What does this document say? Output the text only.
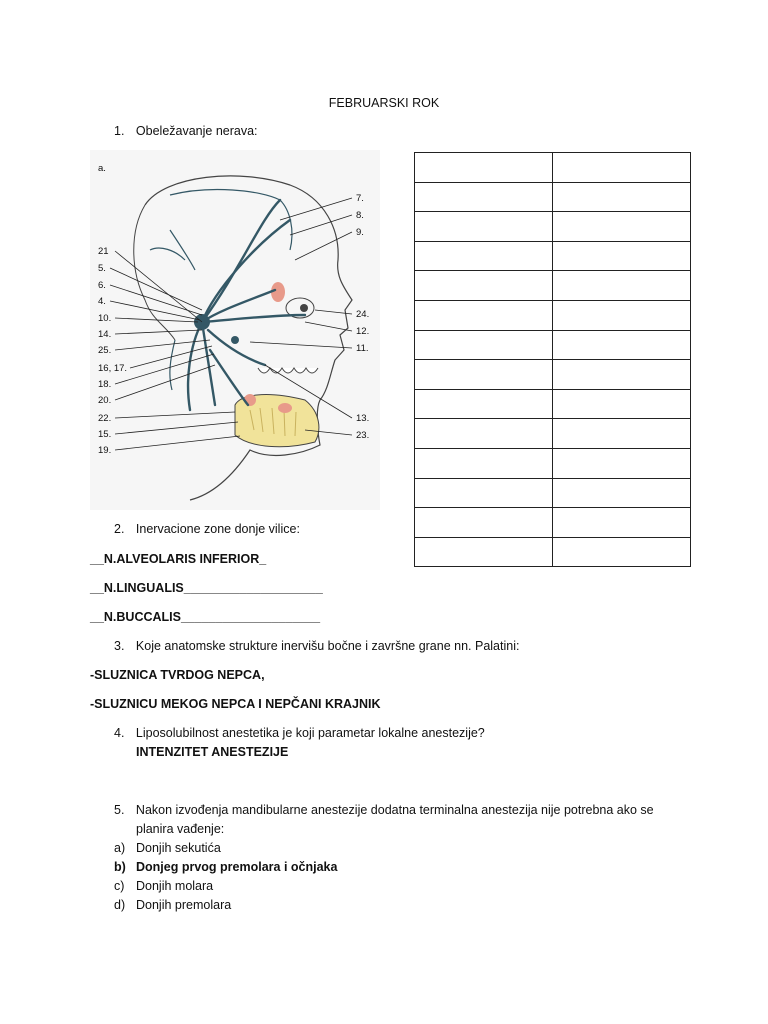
FEBRUARSKI ROK
1. Obeležavanje nerava:
a.
21
5.
6.
4.
10.
14.
25.
16, 17.
18.
20.
22.
15.
19.
7.
8.
9.
24.
12.
11.
13.
23.

2. Inervacione zone donje vilice:
__N.ALVEOLARIS INFERIOR_
__N.LINGUALIS____________________
__N.BUCCALIS____________________
3. Koje anatomske strukture inervišu bočne i završne grane nn. Palatini:
-SLUZNICA TVRDOG NEPCA,
-SLUZNICU MEKOG NEPCA I NEPČANI KRAJNIK
4. Liposolubilnost anestetika je koji parametar lokalne anestezije?
INTENZITET ANESTEZIJE
5. Nakon izvođenja mandibularne anestezije dodatna terminalna anestezija nije potrebna ako se
planira vađenje:
a) Donjih sekutića
b) Donjeg prvog premolara i očnjaka
c) Donjih molara
d) Donjih premolara
